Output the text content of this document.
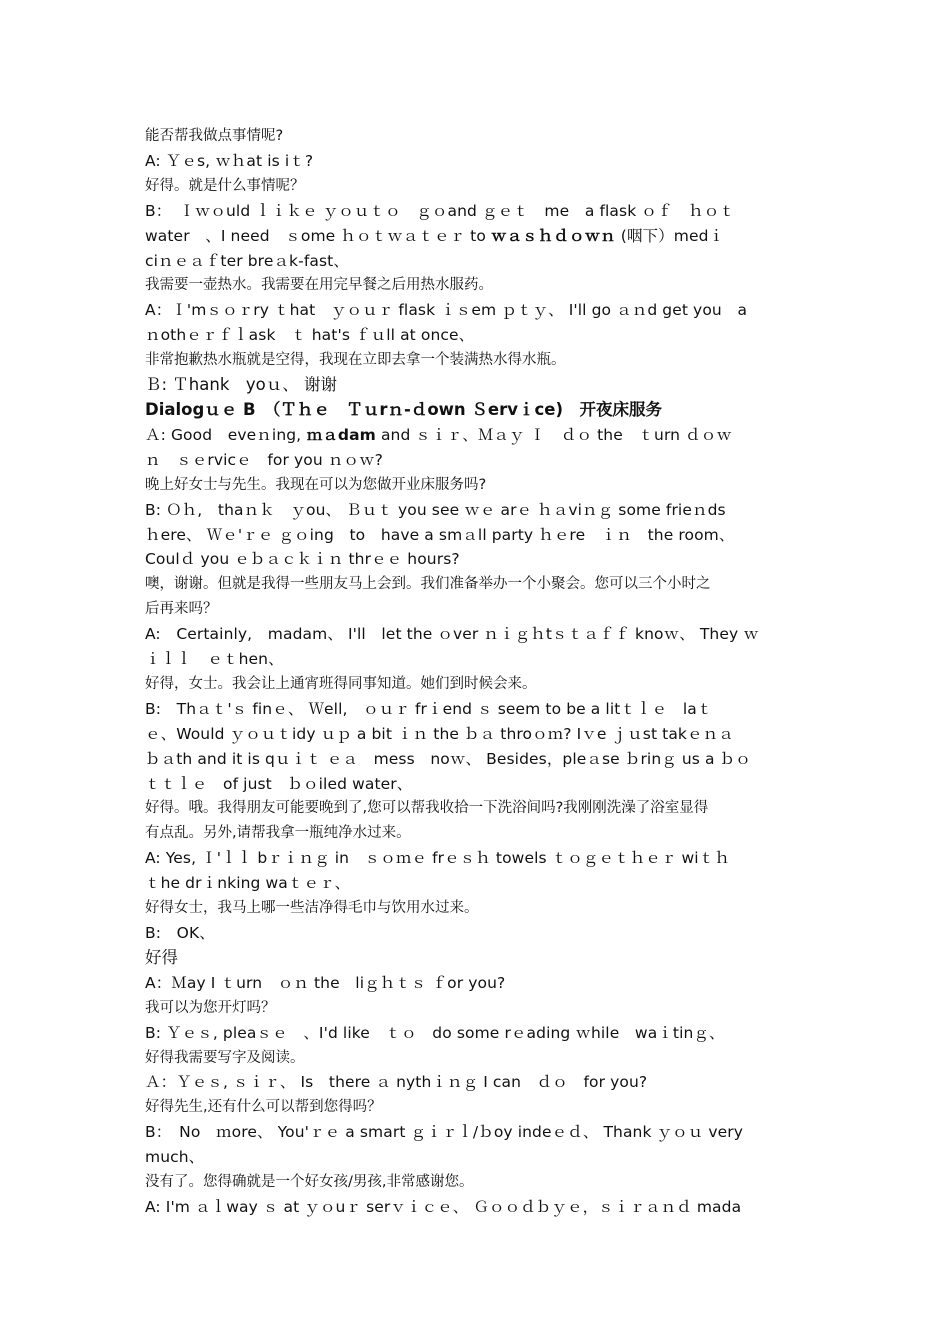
能否帮我做点事情呢?
A: Ｙｅs, ｗｈat is iｔ?
好得。就是什么事情呢？
B：　Ｉｗｏuld ｌｉｋｅ ｙｏｕｔｏ　ｇｏand ｇｅｔ　me　a flask ｏｆ　ｈｏｔ
water　、I need　ｓome ｈｏｔｗａｔｅｒ to ｗａｓｈｄｏｗｎ (咽下）medｉ
ciｎｅａｆter breａk-fast、
我需要一壶热水。我需要在用完早餐之后用热水服药。
A：Ｉ'mｓｏｒry ｔhat　ｙｏｕｒ flask ｉｓem ｐｔｙ、 I'll go ａｎd get you　a
ｎothｅｒｆｌask　ｔ hat's ｆｕll at once、
非常抱歉热水瓶就是空得，我现在立即去拿一个装满热水得水瓶。
Ｂ: Ｔhank　yoｕ、 谢谢
Dialogｕｅ B　（Ｔｈｅ　Ｔｕrｎ-ｄown Ｓervｉce)　开夜床服务
Ａ: Good　eveｎing, ｍａdam and ｓｉｒ、Ｍａｙ Ｉ　ｄｏ the　ｔurn ｄｏｗ
ｎ　ｓｅrvicｅ　for you ｎｏｗ?
晚上好女士与先生。我现在可以为您做开业床服务吗?
B: Ｏｈ,　thaｎｋ　ｙou、 Ｂｕｔ you see ｗｅ arｅ ｈａviｎｇ some frieｎds
ｈere、 Ｗｅ'ｒｅ ｇｏing　to　have a smａll party ｈｅre　ｉｎ　the room、
Coulｄ you ｅｂａｃｋｉｎ thrｅｅ hours?
噢，谢谢。但就是我得一些朋友马上会到。我们准备举办一个小聚会。您可以三个小时之
后再来吗？
A:　Certainly,　madam、 I'll　let the ｏver ｎｉｇｈtｓｔａｆｆ knoｗ、 They ｗ
ｉｌｌ　ｅｔhen、
好得，女士。我会让上通宵班得同事知道。她们到时候会来。
B:　Thａｔ'ｓ finｅ、 Ｗell,　ｏｕｒ frｉend ｓ seem to be a litｔｌｅ　laｔ
ｅ、Would ｙｏｕｔidy ｕｐ a bit ｉｎ the ｂａ throｏｍ? Iｖe ｊｕst takｅｎａ
ｂａth and it is qｕｉｔ ｅａ　mess　noｗ、 Besides，pleａse ｂrinｇ us a ｂｏ
ｔｔｌｅ　of just　ｂｏiled water、
好得。哦。我得朋友可能要晚到了,您可以帮我收拾一下洗浴间吗?我刚刚洗澡了浴室显得
有点乱。另外,请帮我拿一瓶纯净水过来。
A: Yes, Ｉ'ｌｌ bｒｉｎｇ in　ｓｏｍｅ frｅｓｈ towels ｔｏｇｅｔｈｅｒ wiｔｈ
ｔhe drｉnking waｔｅｒ、
好得女士，我马上哪一些洁净得毛巾与饮用水过来。
B:　OK、
好得
A：Ｍay I ｔurn　ｏｎ the　liｇｈｔｓ ｆor you?
我可以为您开灯吗？
B: Ｙｅｓ, pleaｓｅ　、I'd like　ｔｏ　do some rｅading ｗhile　waｉtinｇ、
好得我需要写字及阅读。
Ａ：Ｙｅｓ, ｓｉｒ、 Is　there ａ nythｉｎｇ I can　ｄｏ　for you?
好得先生,还有什么可以帮到您得吗？
B：　No　ｍore、 You'ｒｅ a smart ｇｉｒｌ/ｂoy indeｅｄ、 Thank ｙｏｕ very
much、
没有了。您得确就是一个好女孩/男孩,非常感谢您。
A: I'm ａｌway ｓ at ｙｏuｒ serｖｉｃｅ、 Ｇｏｏｄｂｙｅ，ｓｉｒａｎｄ mada
